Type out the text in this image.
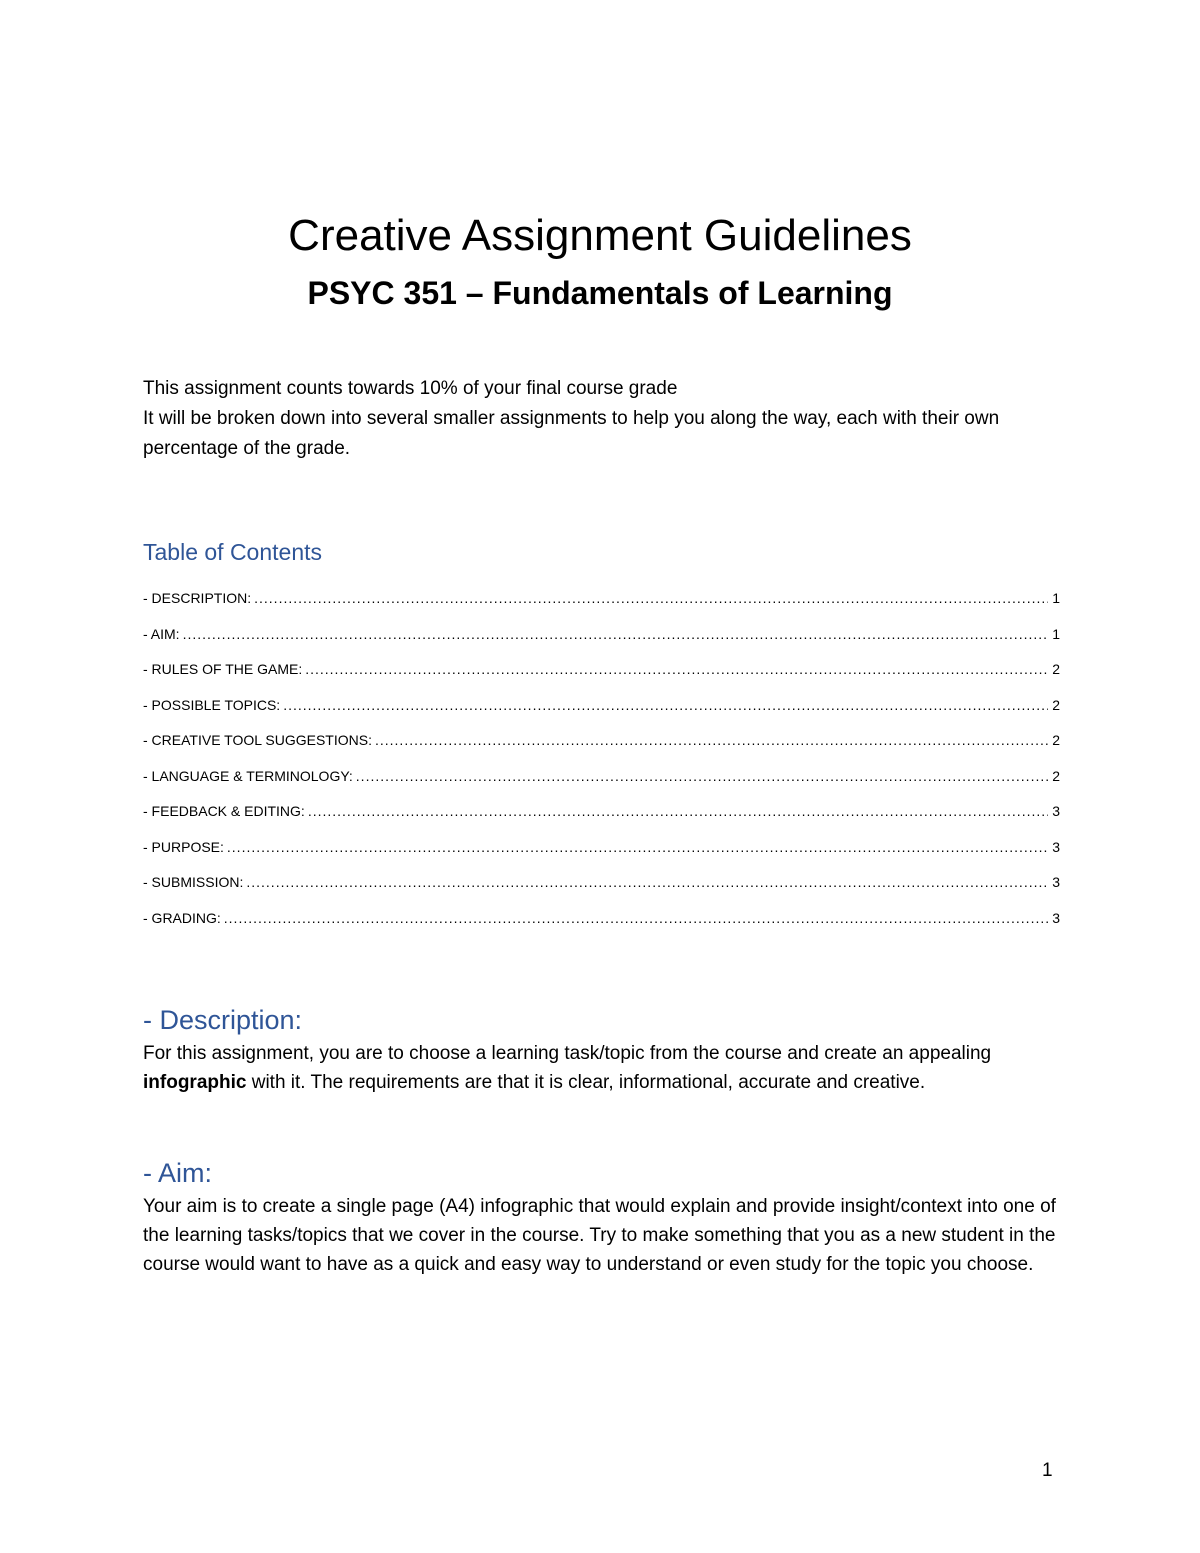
Creative Assignment Guidelines
PSYC 351 – Fundamentals of Learning

This assignment counts towards 10% of your final course grade

It will be broken down into several smaller assignments to help you along the way, each with their own percentage of the grade.

Table of Contents
- DESCRIPTION: .....	1
- AIM: .....	1
- RULES OF THE GAME: .....	2
- POSSIBLE TOPICS: .....	2
- CREATIVE TOOL SUGGESTIONS: .....	2
- LANGUAGE & TERMINOLOGY: .....	2
- FEEDBACK & EDITING: .....	3
- PURPOSE: .....	3
- SUBMISSION: .....	3
- GRADING: .....	3
- Description:

For this assignment, you are to choose a learning task/topic from the course and create an appealing infographic with it. The requirements are that it is clear, informational, accurate and creative.

- Aim:

Your aim is to create a single page (A4) infographic that would explain and provide insight/context into one of the learning tasks/topics that we cover in the course. Try to make something that you as a new student in the course would want to have as a quick and easy way to understand or even study for the topic you choose.

1
